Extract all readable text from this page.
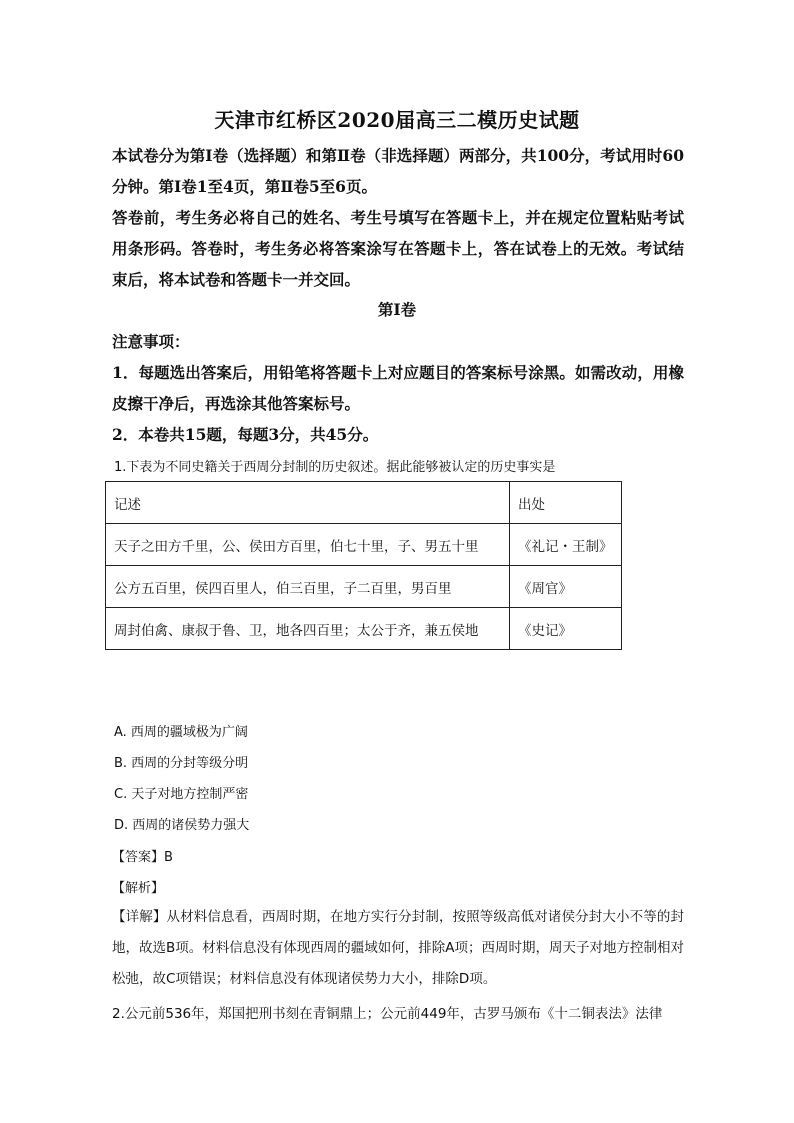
天津市红桥区2020届高三二模历史试题
本试卷分为第Ⅰ卷（选择题）和第Ⅱ卷（非选择题）两部分，共100分，考试用时60分钟。第Ⅰ卷1至4页，第Ⅱ卷5至6页。
答卷前，考生务必将自己的姓名、考生号填写在答题卡上，并在规定位置粘贴考试用条形码。答卷时，考生务必将答案涂写在答题卡上，答在试卷上的无效。考试结束后，将本试卷和答题卡一并交回。
第Ⅰ卷
注意事项：
1．每题选出答案后，用铅笔将答题卡上对应题目的答案标号涂黑。如需改动，用橡皮擦干净后，再选涂其他答案标号。
2．本卷共15题，每题3分，共45分。
1.下表为不同史籍关于西周分封制的历史叙述。据此能够被认定的历史事实是
记述	出处
天子之田方千里，公、侯田方百里，伯七十里，子、男五十里	《礼记・王制》
公方五百里，侯四百里人，伯三百里，子二百里，男百里	《周官》
周封伯禽、康叔于鲁、卫，地各四百里；太公于齐，兼五侯地	《史记》
A. 西周的疆域极为广阔
B. 西周的分封等级分明
C. 天子对地方控制严密
D. 西周的诸侯势力强大
【答案】B
【解析】
【详解】从材料信息看，西周时期，在地方实行分封制，按照等级高低对诸侯分封大小不等的封地，故选B项。材料信息没有体现西周的疆域如何，排除A项；西周时期，周天子对地方控制相对松弛，故C项错误；材料信息没有体现诸侯势力大小，排除D项。
2.公元前536年，郑国把刑书刻在青铜鼎上；公元前449年，古罗马颁布《十二铜表法》法律
